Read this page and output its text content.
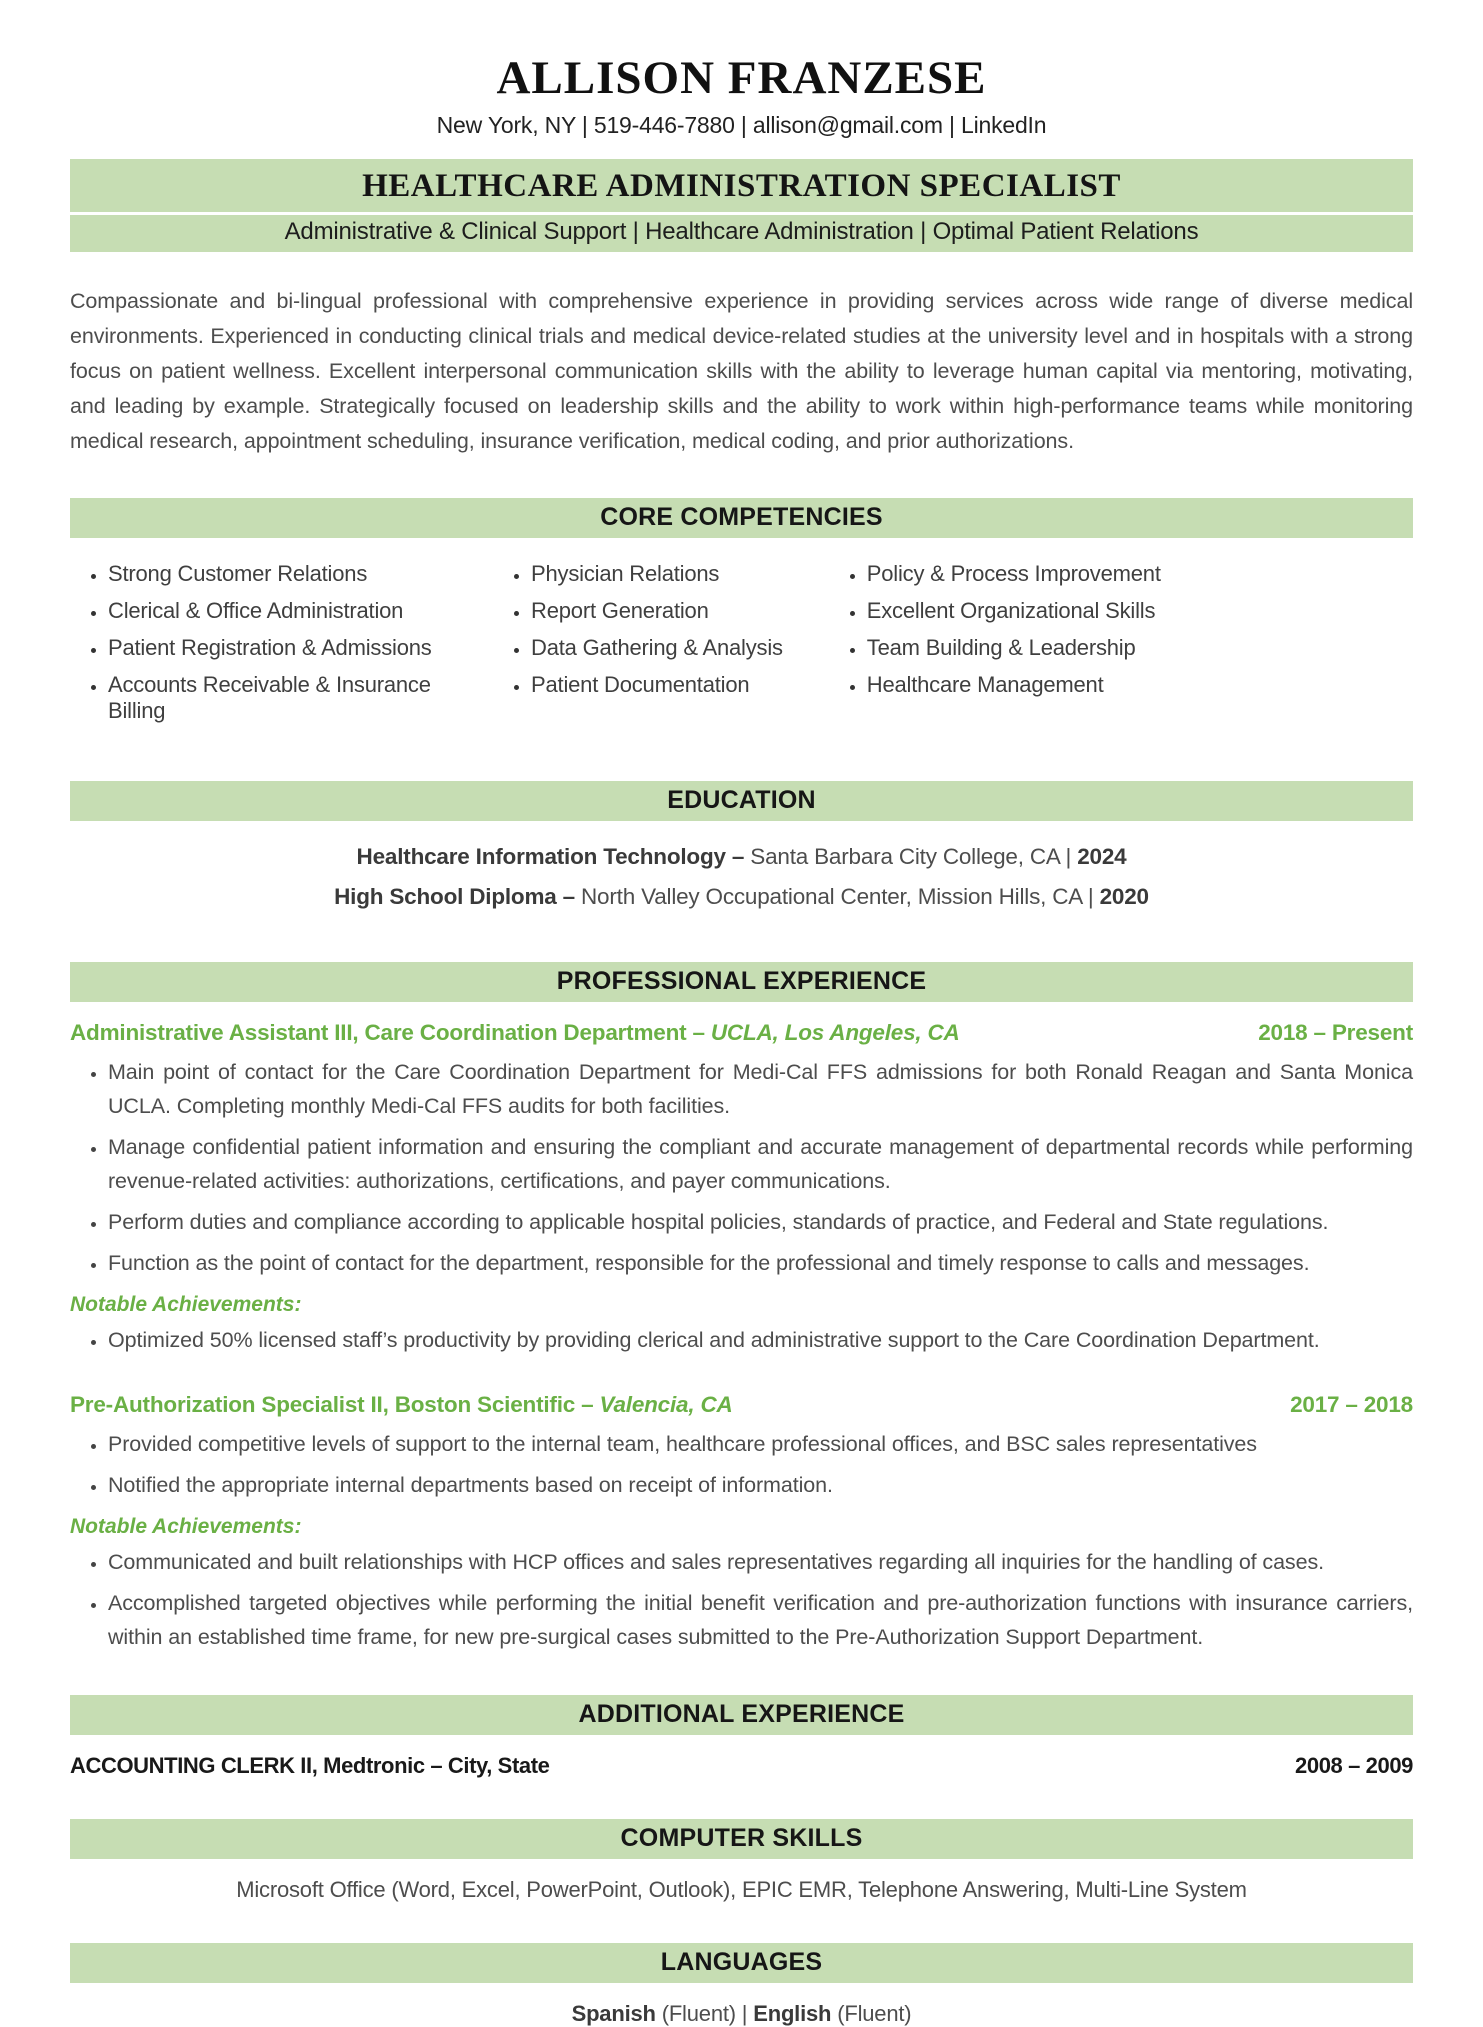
ALLISON FRANZESE
New York, NY | 519-446-7880 | allison@gmail.com | LinkedIn
HEALTHCARE ADMINISTRATION SPECIALIST
Administrative & Clinical Support | Healthcare Administration | Optimal Patient Relations
Compassionate and bi-lingual professional with comprehensive experience in providing services across wide range of diverse medical environments. Experienced in conducting clinical trials and medical device-related studies at the university level and in hospitals with a strong focus on patient wellness. Excellent interpersonal communication skills with the ability to leverage human capital via mentoring, motivating, and leading by example. Strategically focused on leadership skills and the ability to work within high-performance teams while monitoring medical research, appointment scheduling, insurance verification, medical coding, and prior authorizations.
CORE COMPETENCIES
• Strong Customer Relations
• Clerical & Office Administration
• Patient Registration & Admissions
• Accounts Receivable & Insurance Billing
• Physician Relations
• Report Generation
• Data Gathering & Analysis
• Patient Documentation
• Policy & Process Improvement
• Excellent Organizational Skills
• Team Building & Leadership
• Healthcare Management
EDUCATION
Healthcare Information Technology – Santa Barbara City College, CA | 2024
High School Diploma – North Valley Occupational Center, Mission Hills, CA | 2020
PROFESSIONAL EXPERIENCE
Administrative Assistant III, Care Coordination Department – UCLA, Los Angeles, CA	2018 – Present
• Main point of contact for the Care Coordination Department for Medi-Cal FFS admissions for both Ronald Reagan and Santa Monica UCLA. Completing monthly Medi-Cal FFS audits for both facilities.
• Manage confidential patient information and ensuring the compliant and accurate management of departmental records while performing revenue-related activities: authorizations, certifications, and payer communications.
• Perform duties and compliance according to applicable hospital policies, standards of practice, and Federal and State regulations.
• Function as the point of contact for the department, responsible for the professional and timely response to calls and messages.
Notable Achievements:
• Optimized 50% licensed staff’s productivity by providing clerical and administrative support to the Care Coordination Department.
Pre-Authorization Specialist II, Boston Scientific – Valencia, CA	2017 – 2018
• Provided competitive levels of support to the internal team, healthcare professional offices, and BSC sales representatives
• Notified the appropriate internal departments based on receipt of information.
Notable Achievements:
• Communicated and built relationships with HCP offices and sales representatives regarding all inquiries for the handling of cases.
• Accomplished targeted objectives while performing the initial benefit verification and pre-authorization functions with insurance carriers, within an established time frame, for new pre-surgical cases submitted to the Pre-Authorization Support Department.
ADDITIONAL EXPERIENCE
ACCOUNTING CLERK II, Medtronic – City, State	2008 – 2009
COMPUTER SKILLS
Microsoft Office (Word, Excel, PowerPoint, Outlook), EPIC EMR, Telephone Answering, Multi-Line System
LANGUAGES
Spanish (Fluent) | English (Fluent)
